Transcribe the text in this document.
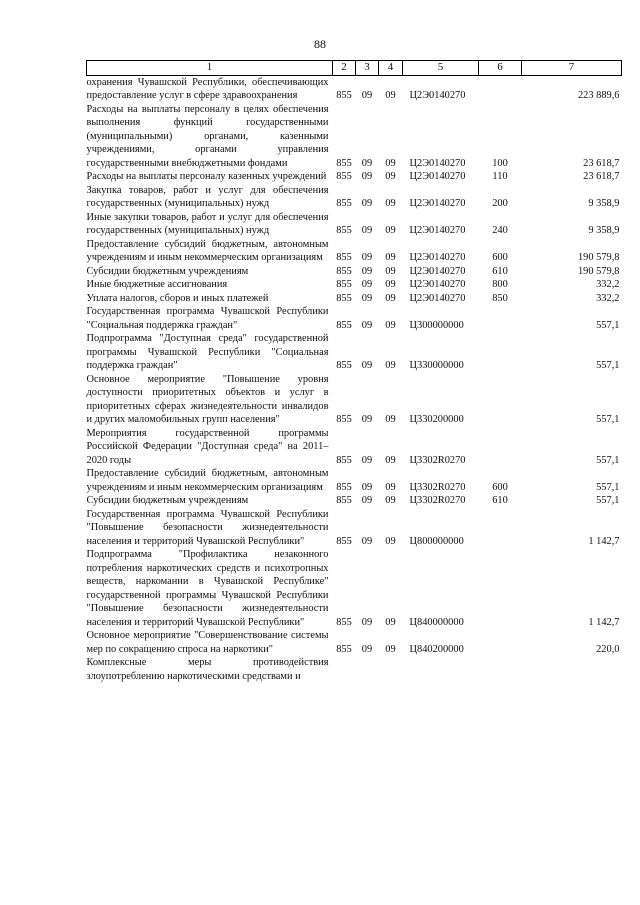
88
1	2	3	4	5	6	7
охранения Чувашской Республики, обеспечивающих предоставление услуг в сфере здравоохранения	855	09	09	Ц2Э0140270		223 889,6
Расходы на выплаты персоналу в целях обеспечения выполнения функций государственными (муниципальными) органами, казенными учреждениями, органами управления государственными внебюджетными фондами	855	09	09	Ц2Э0140270	100	23 618,7
Расходы на выплаты персоналу казенных учреждений	855	09	09	Ц2Э0140270	110	23 618,7
Закупка товаров, работ и услуг для обеспечения государственных (муниципальных) нужд	855	09	09	Ц2Э0140270	200	9 358,9
Иные закупки товаров, работ и услуг для обеспечения государственных (муниципальных) нужд	855	09	09	Ц2Э0140270	240	9 358,9
Предоставление субсидий бюджетным, автономным учреждениям и иным некоммерческим организациям	855	09	09	Ц2Э0140270	600	190 579,8
Субсидии бюджетным учреждениям	855	09	09	Ц2Э0140270	610	190 579,8
Иные бюджетные ассигнования	855	09	09	Ц2Э0140270	800	332,2
Уплата налогов, сборов и иных платежей	855	09	09	Ц2Э0140270	850	332,2
Государственная программа Чувашской Республики "Социальная поддержка граждан"	855	09	09	Ц300000000		557,1
Подпрограмма "Доступная среда" государственной программы Чувашской Республики "Социальная поддержка граждан"	855	09	09	Ц330000000		557,1
Основное мероприятие "Повышение уровня доступности приоритетных объектов и услуг в приоритетных сферах жизнедеятельности инвалидов и других маломобильных групп населения"	855	09	09	Ц330200000		557,1
Мероприятия государственной программы Российской Федерации "Доступная среда" на 2011–2020 годы	855	09	09	Ц3302R0270		557,1
Предоставление субсидий бюджетным, автономным учреждениям и иным некоммерческим организациям	855	09	09	Ц3302R0270	600	557,1
Субсидии бюджетным учреждениям	855	09	09	Ц3302R0270	610	557,1
Государственная программа Чувашской Республики "Повышение безопасности жизнедеятельности населения и территорий Чувашской Республики"	855	09	09	Ц800000000		1 142,7
Подпрограмма "Профилактика незаконного потребления наркотических средств и психотропных веществ, наркомании в Чувашской Республике" государственной программы Чувашской Республики "Повышение безопасности жизнедеятельности населения и территорий Чувашской Республики"	855	09	09	Ц840000000		1 142,7
Основное мероприятие "Совершенствование системы мер по сокращению спроса на наркотики"	855	09	09	Ц840200000		220,0
Комплексные меры противодействия злоупотреблению наркотическими средствами и						
